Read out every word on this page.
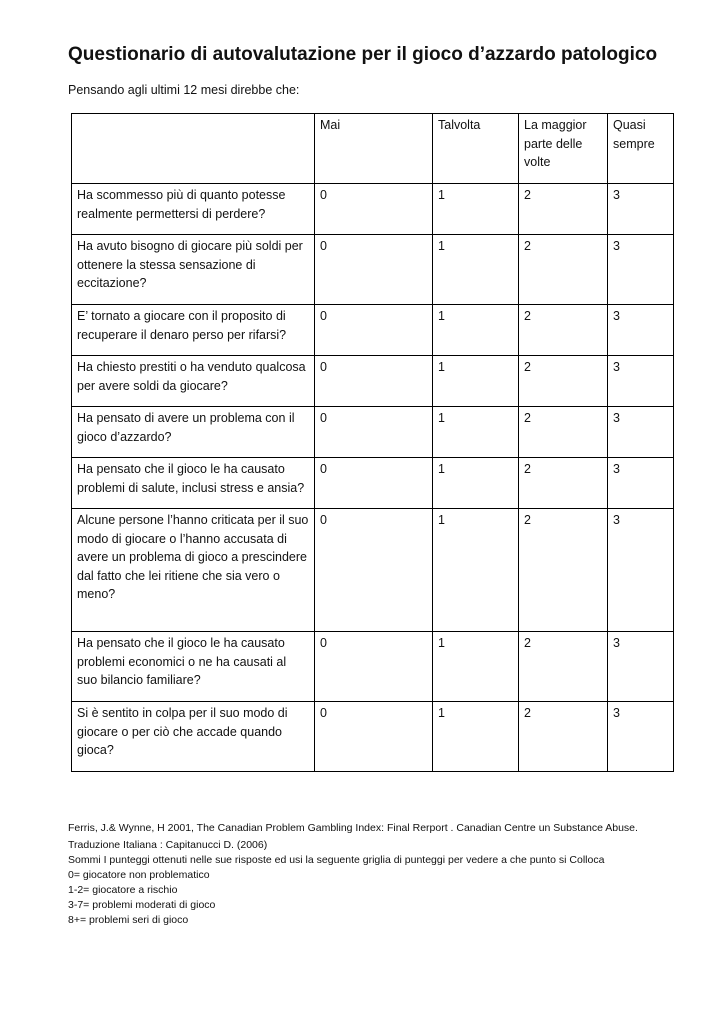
Questionario di autovalutazione per il gioco d’azzardo patologico

Pensando agli ultimi 12 mesi direbbe che:

	Mai	Talvolta	La maggior parte delle volte	Quasi sempre
Ha scommesso più di quanto potesse realmente permettersi di perdere?	0	1	2	3
Ha avuto bisogno di giocare più soldi per ottenere la stessa sensazione di eccitazione?	0	1	2	3
E’ tornato a giocare con il proposito di recuperare il denaro perso per rifarsi?	0	1	2	3
Ha chiesto prestiti o ha venduto qualcosa per avere soldi da giocare?	0	1	2	3
Ha pensato di avere un problema con il gioco d’azzardo?	0	1	2	3
Ha pensato che il gioco le ha causato problemi di salute, inclusi stress e ansia?	0	1	2	3
Alcune persone l’hanno criticata per il suo modo di giocare o l’hanno accusata di avere un problema di gioco a prescindere dal fatto che lei ritiene che sia vero o meno?	0	1	2	3
Ha pensato che il gioco le ha causato problemi economici o ne ha causati al suo bilancio familiare?	0	1	2	3
Si è sentito in colpa per il suo modo di giocare o per ciò che accade quando gioca?	0	1	2	3

Ferris, J.& Wynne, H 2001, The Canadian Problem Gambling Index: Final Rerport . Canadian Centre un Substance Abuse.

Traduzione Italiana : Capitanucci D. (2006)

Sommi I punteggi ottenuti nelle sue risposte ed usi la seguente griglia di punteggi per vedere a che punto si Colloca

0= giocatore non problematico

1-2= giocatore a rischio

3-7= problemi moderati di gioco

8+= problemi seri di gioco
